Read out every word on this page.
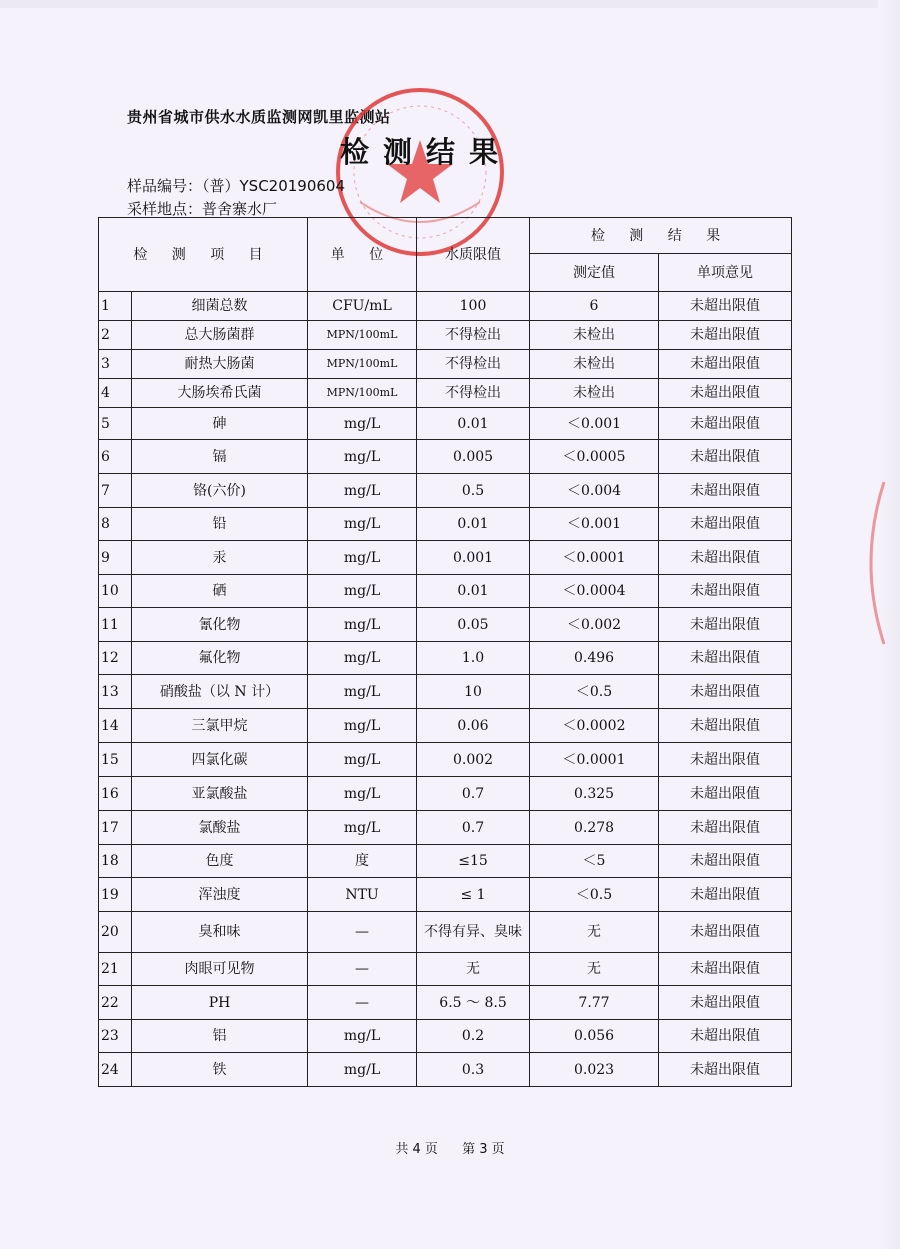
贵州省城市供水水质监测网凯里监测站
检测结果
样品编号：（普）YSC20190604
采样地点：普舍寨水厂
检 测 项 目		单 位	水质限值	检 测 结 果	
				测定值	单项意见
1	细菌总数	CFU/mL	100	6	未超出限值
2	总大肠菌群	MPN/100mL	不得检出	未检出	未超出限值
3	耐热大肠菌	MPN/100mL	不得检出	未检出	未超出限值
4	大肠埃希氏菌	MPN/100mL	不得检出	未检出	未超出限值
5	砷	mg/L	0.01	＜0.001	未超出限值
6	镉	mg/L	0.005	＜0.0005	未超出限值
7	铬(六价)	mg/L	0.5	＜0.004	未超出限值
8	铅	mg/L	0.01	＜0.001	未超出限值
9	汞	mg/L	0.001	＜0.0001	未超出限值
10	硒	mg/L	0.01	＜0.0004	未超出限值
11	氰化物	mg/L	0.05	＜0.002	未超出限值
12	氟化物	mg/L	1.0	0.496	未超出限值
13	硝酸盐（以 N 计）	mg/L	10	＜0.5	未超出限值
14	三氯甲烷	mg/L	0.06	＜0.0002	未超出限值
15	四氯化碳	mg/L	0.002	＜0.0001	未超出限值
16	亚氯酸盐	mg/L	0.7	0.325	未超出限值
17	氯酸盐	mg/L	0.7	0.278	未超出限值
18	色度	度	≤15	＜5	未超出限值
19	浑浊度	NTU	≤ 1	＜0.5	未超出限值
20	臭和味	—	不得有异、臭味	无	未超出限值
21	肉眼可见物	—	无	无	未超出限值
22	PH	—	6.5 ～ 8.5	7.77	未超出限值
23	铝	mg/L	0.2	0.056	未超出限值
24	铁	mg/L	0.3	0.023	未超出限值
共 4 页 第 3 页
